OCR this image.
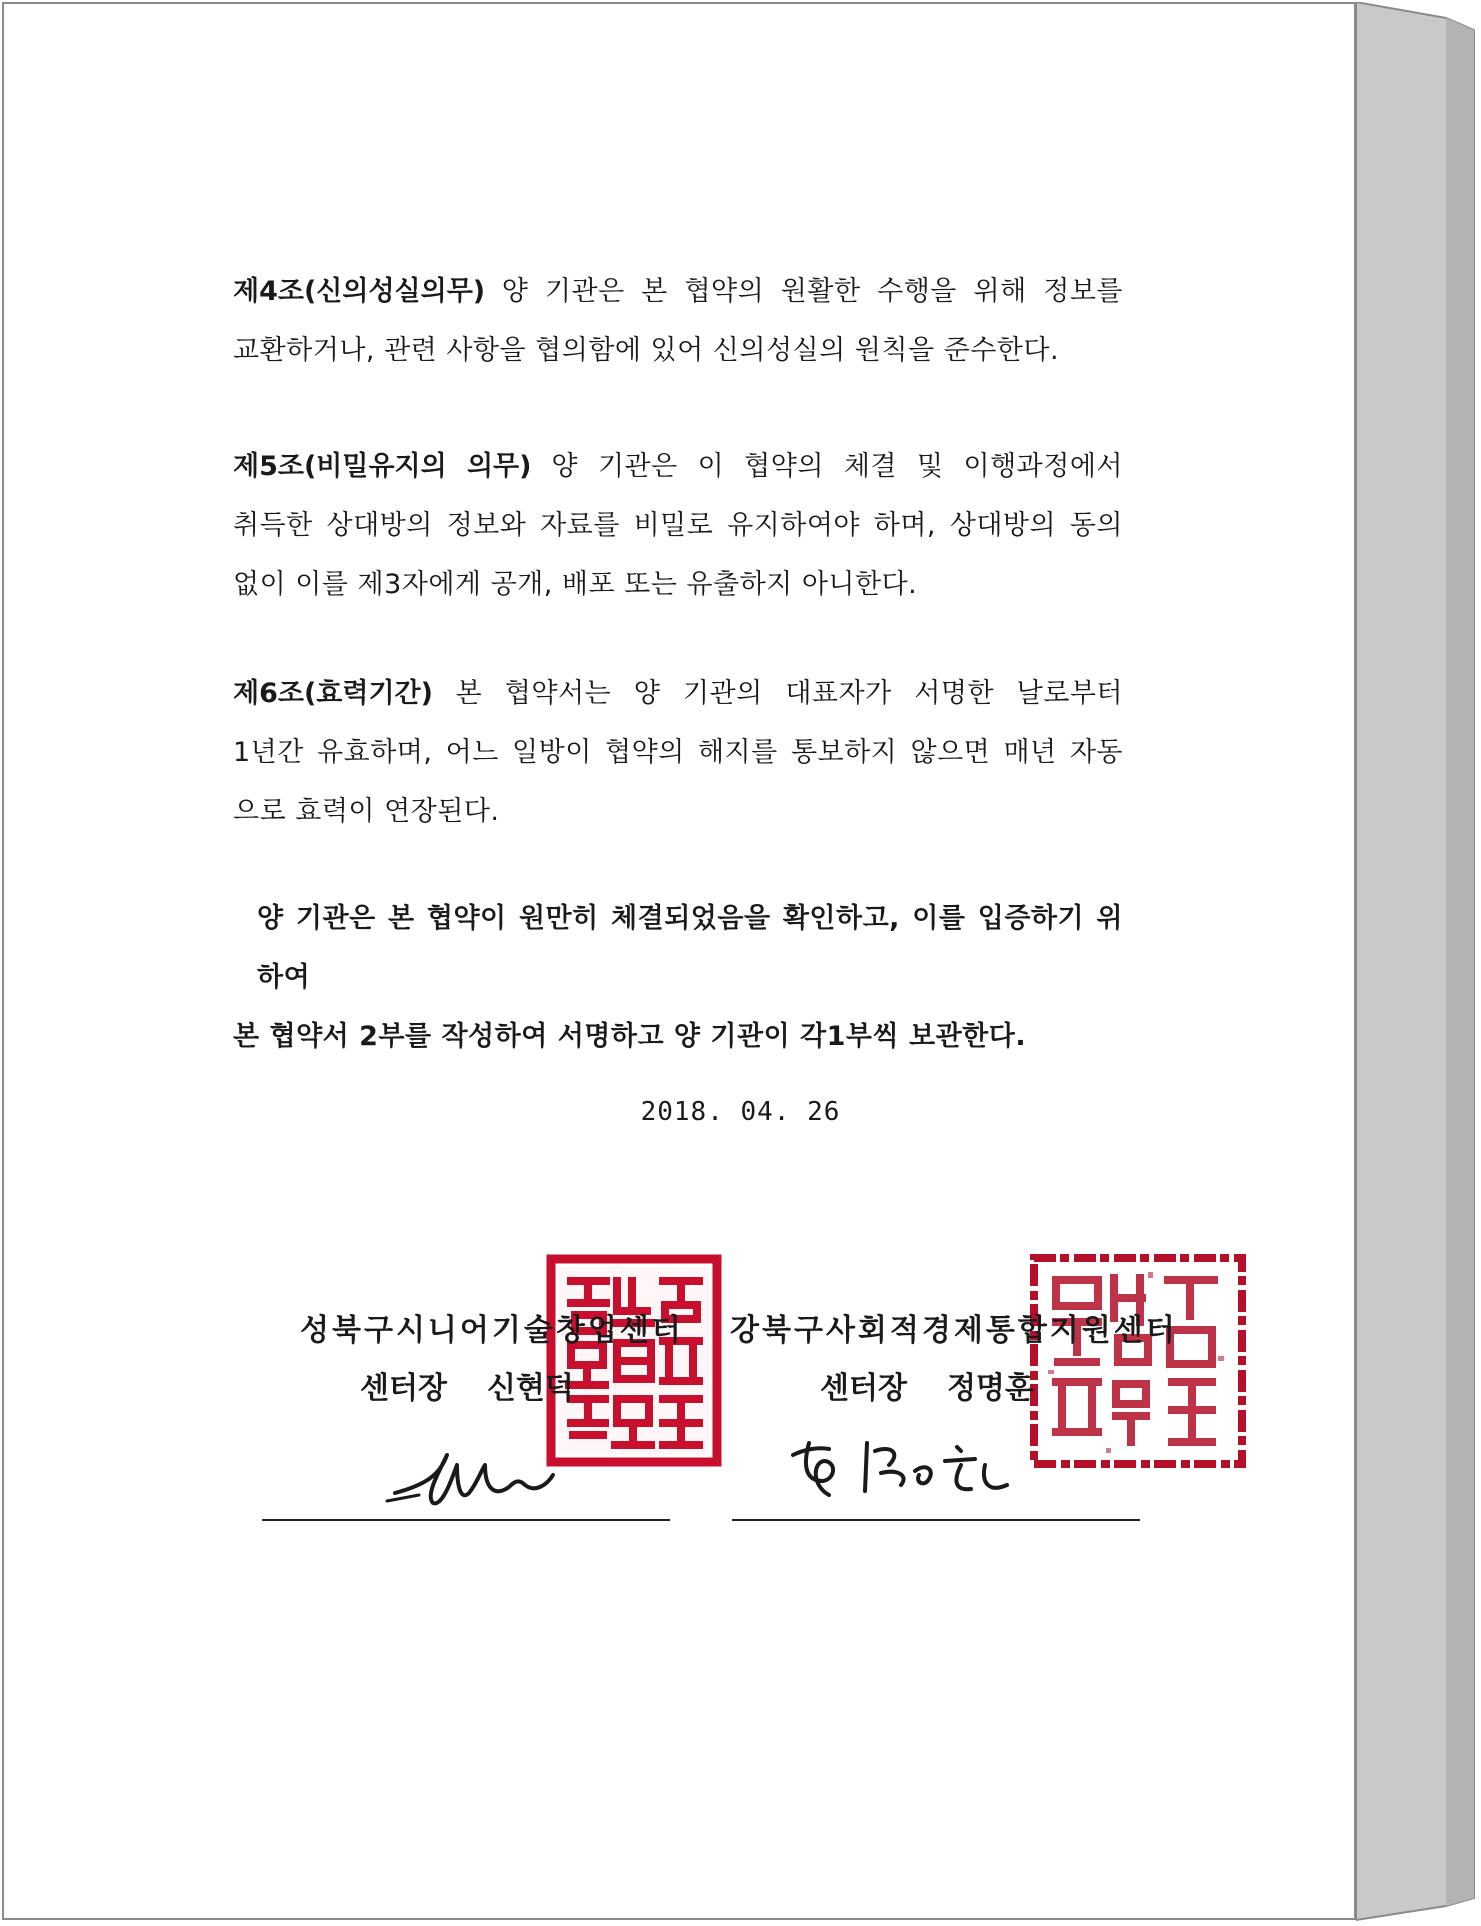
제4조(신의성실의무) 양 기관은 본 협약의 원활한 수행을 위해 정보를
교환하거나, 관련 사항을 협의함에 있어 신의성실의 원칙을 준수한다.

제5조(비밀유지의 의무) 양 기관은 이 협약의 체결 및 이행과정에서
취득한 상대방의 정보와 자료를 비밀로 유지하여야 하며, 상대방의 동의
없이 이를 제3자에게 공개, 배포 또는 유출하지 아니한다.

제6조(효력기간) 본 협약서는 양 기관의 대표자가 서명한 날로부터
1년간 유효하며, 어느 일방이 협약의 해지를 통보하지 않으면 매년 자동
으로 효력이 연장된다.

양 기관은 본 협약이 원만히 체결되었음을 확인하고, 이를 입증하기 위하여
본 협약서 2부를 작성하여 서명하고 양 기관이 각1부씩 보관한다.

2018. 04. 26
성북구시니어기술창업센터
센터장 신현덕
강북구사회적경제통합지원센터
센터장 정명훈
